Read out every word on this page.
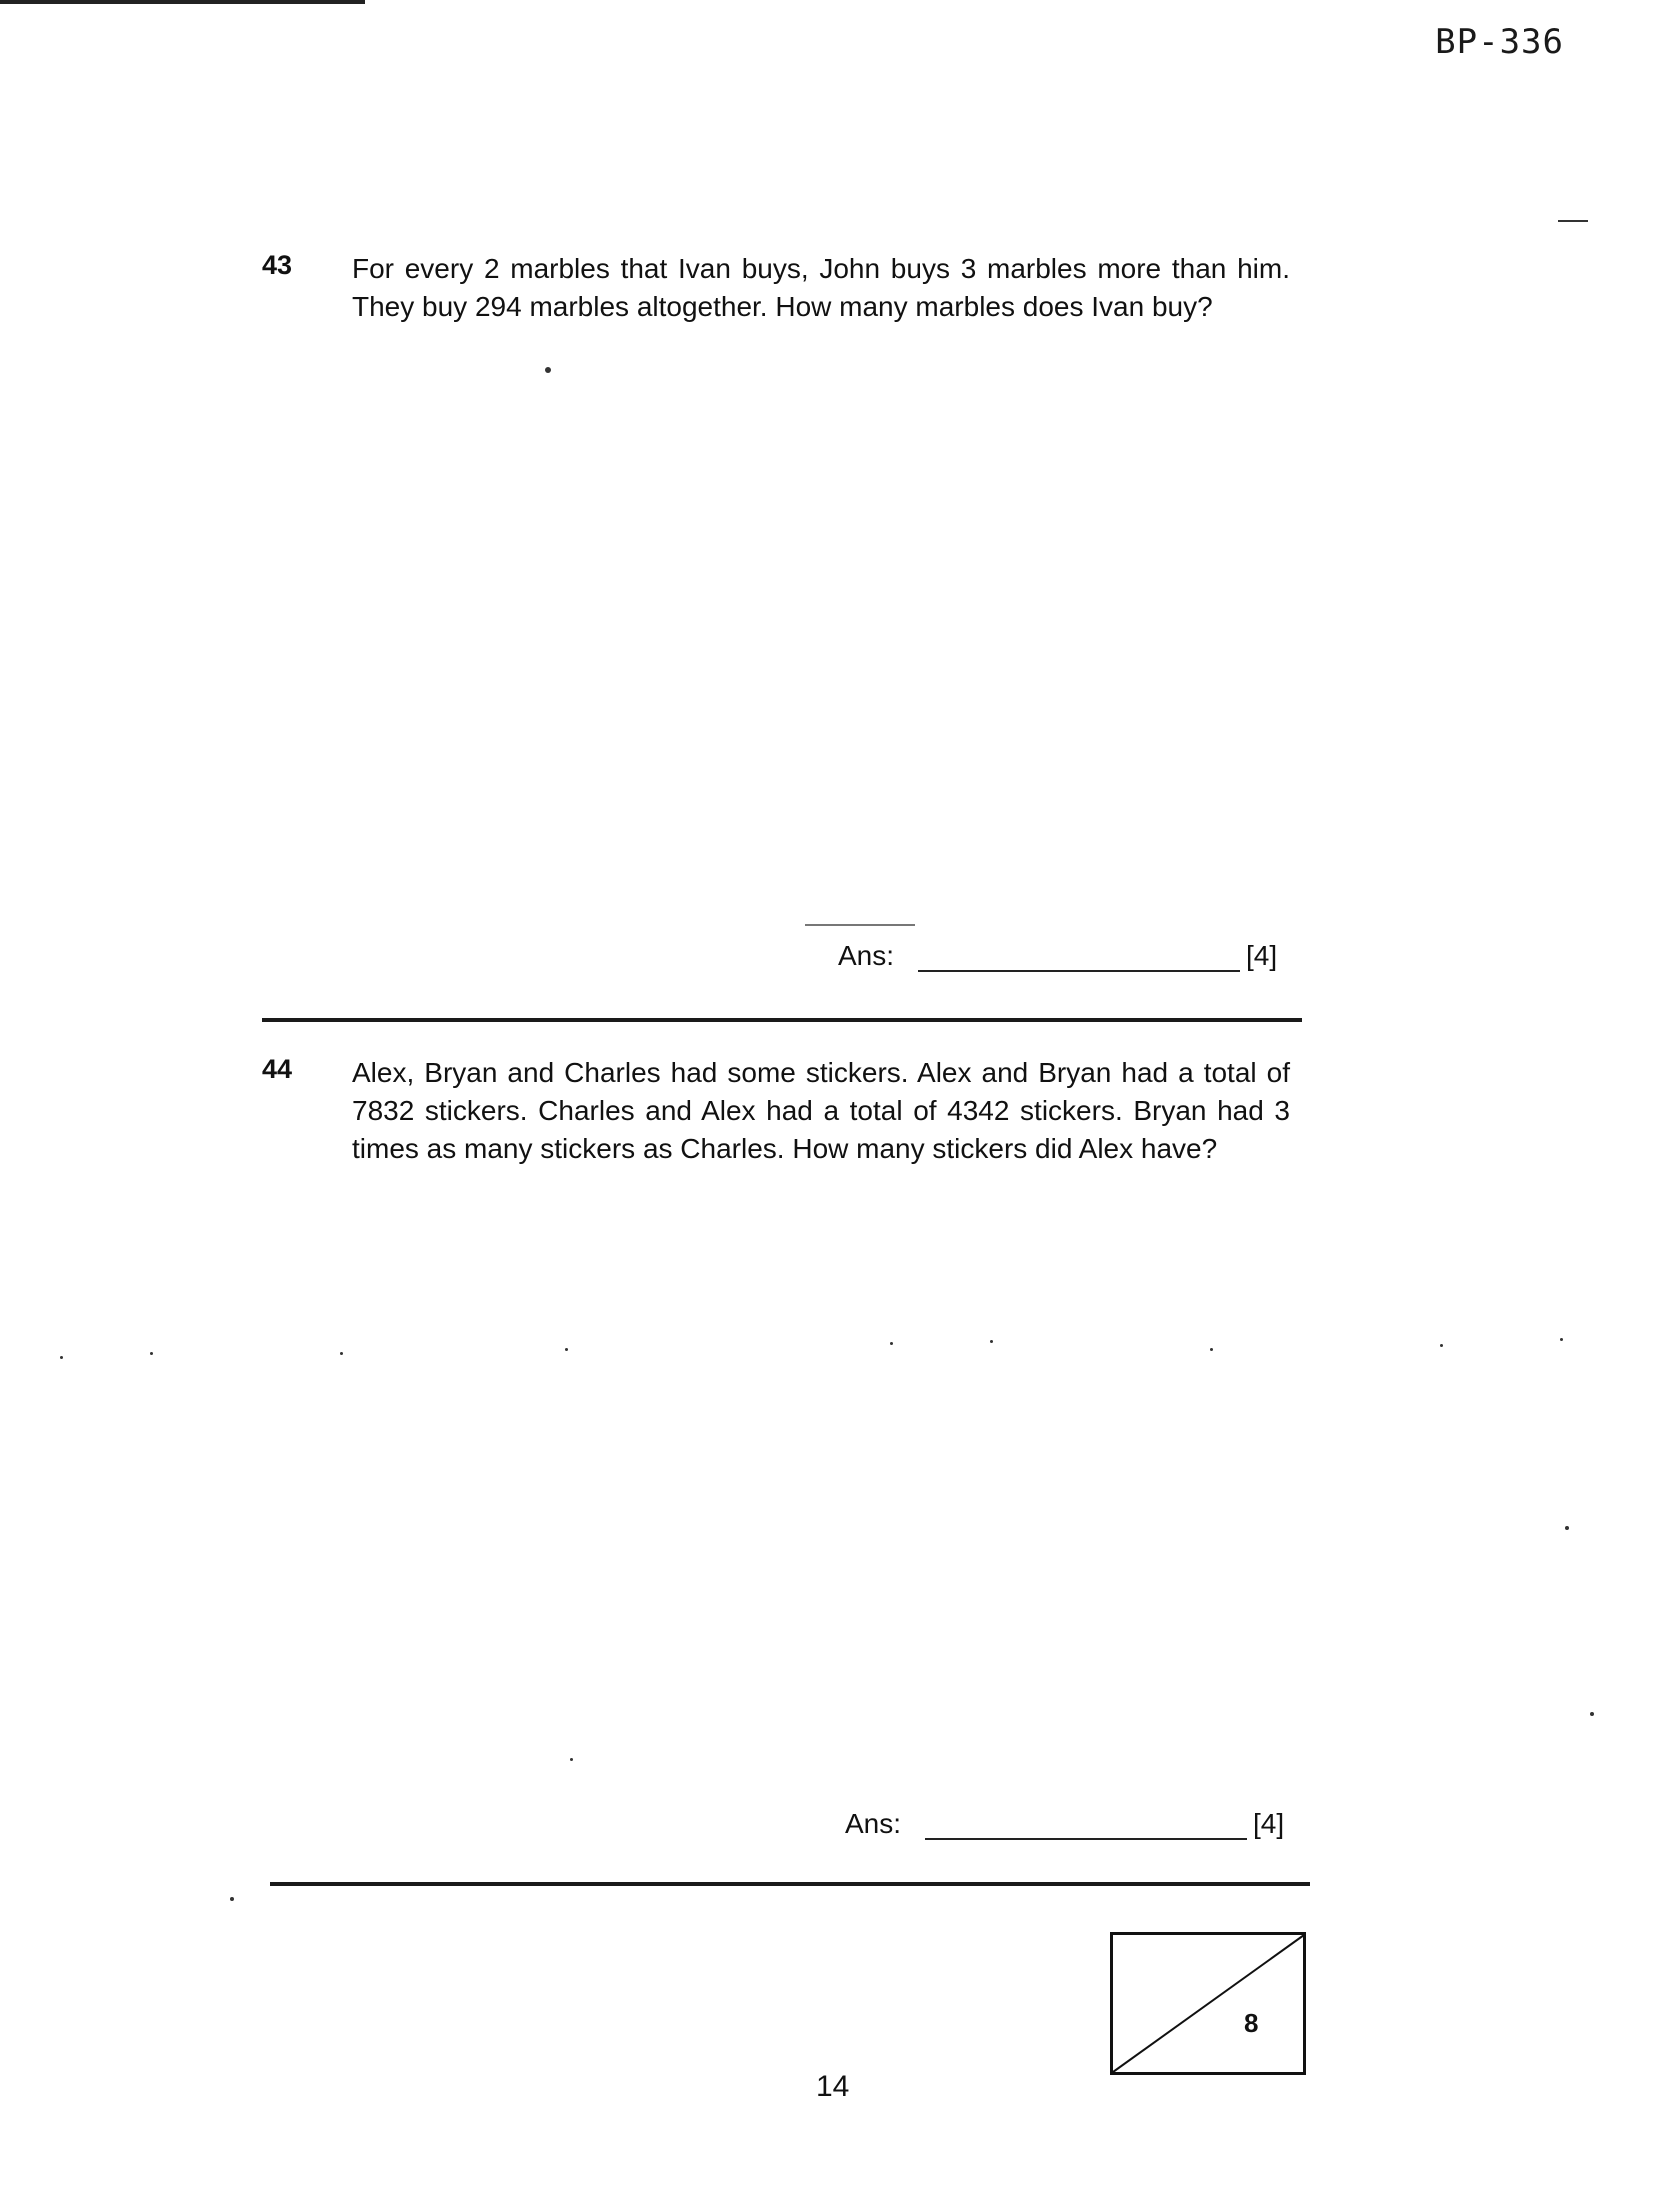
BP-336
43 For every 2 marbles that Ivan buys, John buys 3 marbles more than him. They buy 294 marbles altogether. How many marbles does Ivan buy?
Ans:	[4]
44 Alex, Bryan and Charles had some stickers. Alex and Bryan had a total of 7832 stickers. Charles and Alex had a total of 4342 stickers. Bryan had 3 times as many stickers as Charles. How many stickers did Alex have?
Ans:	[4]
8
14
